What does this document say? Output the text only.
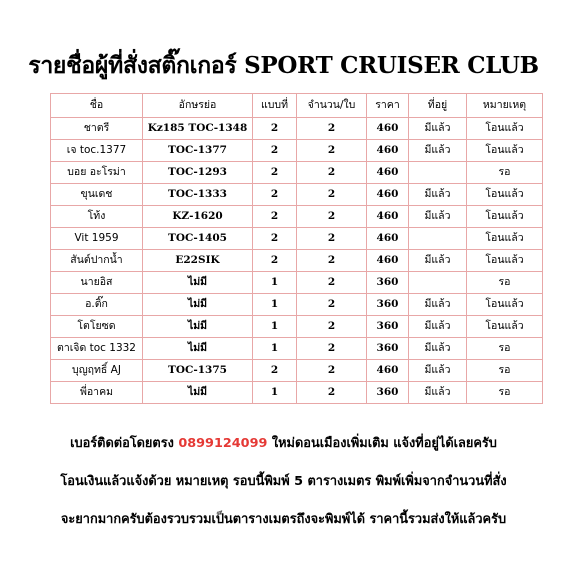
รายชื่อผู้ที่สั่งสติ๊กเกอร์ SPORT CRUISER CLUB
ชื่อ	อักษรย่อ	แบบที่	จำนวน/ใบ	ราคา	ที่อยู่	หมายเหตุ
ชาตรี	Kz185 TOC-1348	2	2	460	มีแล้ว	โอนแล้ว
เจ toc.1377	TOC-1377	2	2	460	มีแล้ว	โอนแล้ว
บอย อะโรม่า	TOC-1293	2	2	460		รอ
ขุนเดช	TOC-1333	2	2	460	มีแล้ว	โอนแล้ว
โท้ง	KZ-1620	2	2	460	มีแล้ว	โอนแล้ว
Vit 1959	TOC-1405	2	2	460		โอนแล้ว
สันต์ปากน้ำ	E22SIK	2	2	460	มีแล้ว	โอนแล้ว
นายอิส	ไม่มี	1	2	360		รอ
อ.ติ๊ก	ไม่มี	1	2	360	มีแล้ว	โอนแล้ว
โตโยซด	ไม่มี	1	2	360	มีแล้ว	โอนแล้ว
ตาเจิด toc 1332	ไม่มี	1	2	360	มีแล้ว	รอ
บุญฤทธิ์ AJ	TOC-1375	2	2	460	มีแล้ว	รอ
พี่อาคม	ไม่มี	1	2	360	มีแล้ว	รอ
เบอร์ติดต่อโดยตรง 0899124099 ใหม่ดอนเมืองเพิ่มเติม แจ้งที่อยู่ได้เลยครับ
โอนเงินแล้วแจ้งด้วย หมายเหตุ รอบนี้พิมพ์ 5 ตารางเมตร พิมพ์เพิ่มจากจำนวนที่สั่ง
จะยากมากครับต้องรวบรวมเป็นตารางเมตรถึงจะพิมพ์ได้ ราคานี้รวมส่งให้แล้วครับ
